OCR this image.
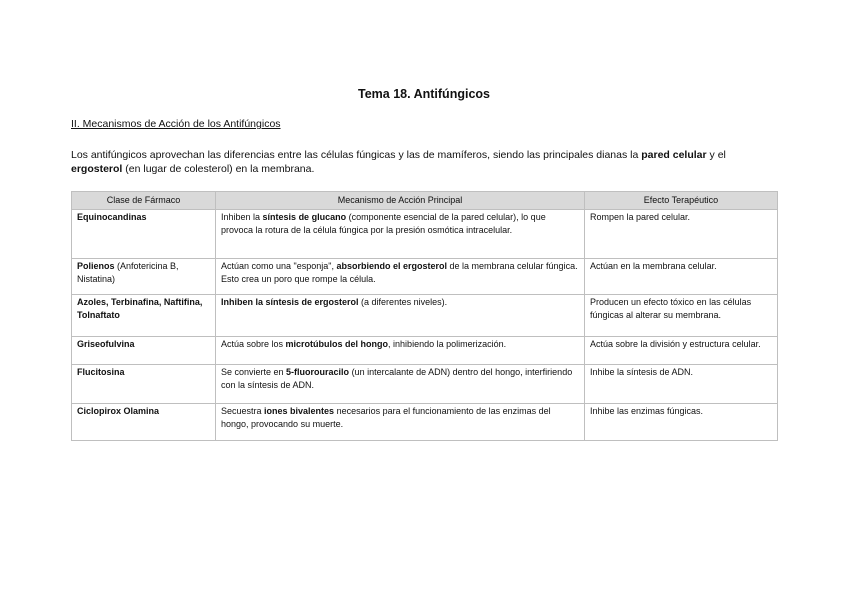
Tema 18. Antifúngicos
II. Mecanismos de Acción de los Antifúngicos
Los antifúngicos aprovechan las diferencias entre las células fúngicas y las de mamíferos, siendo las principales dianas la pared celular y el ergosterol (en lugar de colesterol) en la membrana.
Clase de Fármaco	Mecanismo de Acción Principal	Efecto Terapéutico
Equinocandinas	Inhiben la síntesis de glucano (componente esencial de la pared celular), lo que provoca la rotura de la célula fúngica por la presión osmótica intracelular.	Rompen la pared celular.
Polienos (Anfotericina B, Nistatina)	Actúan como una "esponja", absorbiendo el ergosterol de la membrana celular fúngica. Esto crea un poro que rompe la célula.	Actúan en la membrana celular.
Azoles, Terbinafina, Naftifina, Tolnaftato	Inhiben la síntesis de ergosterol (a diferentes niveles).	Producen un efecto tóxico en las células fúngicas al alterar su membrana.
Griseofulvina	Actúa sobre los microtúbulos del hongo, inhibiendo la polimerización.	Actúa sobre la división y estructura celular.
Flucitosina	Se convierte en 5-fluorouracilo (un intercalante de ADN) dentro del hongo, interfiriendo con la síntesis de ADN.	Inhibe la síntesis de ADN.
Ciclopirox Olamina	Secuestra iones bivalentes necesarios para el funcionamiento de las enzimas del hongo, provocando su muerte.	Inhibe las enzimas fúngicas.
